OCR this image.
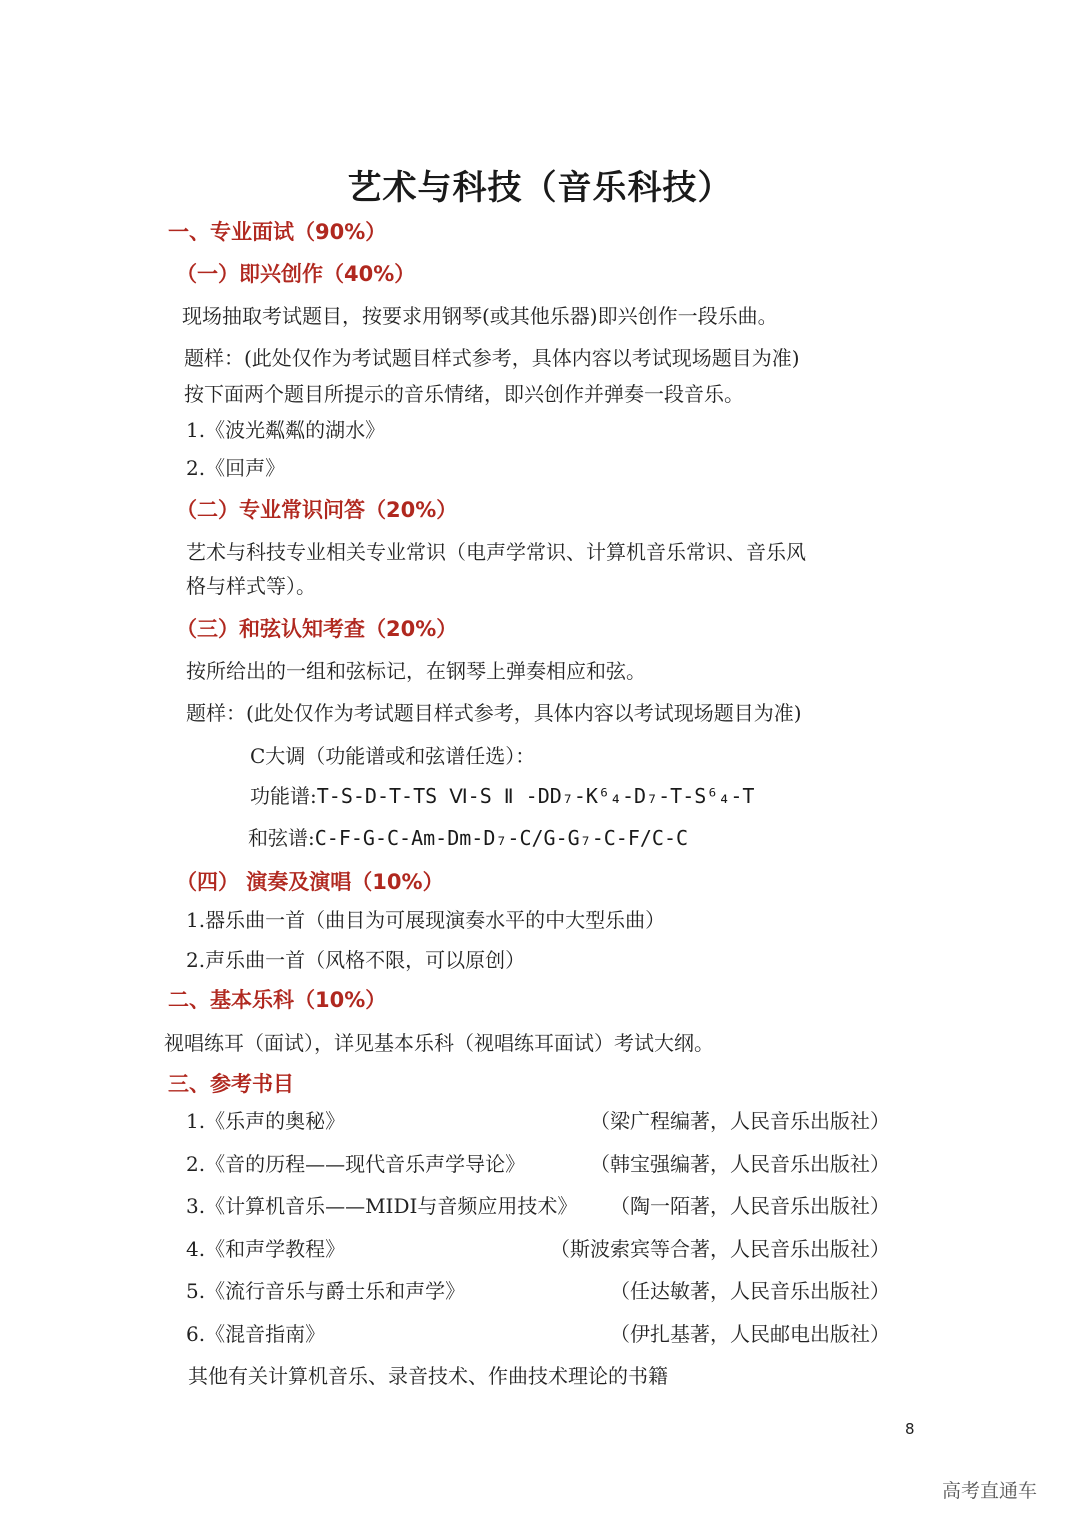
艺术与科技（音乐科技）
一、专业面试（90%）
（一）即兴创作（40%）
现场抽取考试题目，按要求用钢琴(或其他乐器)即兴创作一段乐曲。
题样：(此处仅作为考试题目样式参考，具体内容以考试现场题目为准)
按下面两个题目所提示的音乐情绪，即兴创作并弹奏一段音乐。
1.《波光粼粼的湖水》
2.《回声》
（二）专业常识问答（20%）
艺术与科技专业相关专业常识（电声学常识、计算机音乐常识、音乐风
格与样式等）。
（三）和弦认知考查（20%）
按所给出的一组和弦标记，在钢琴上弹奏相应和弦。
题样：(此处仅作为考试题目样式参考，具体内容以考试现场题目为准)
C大调（功能谱或和弦谱任选）：
功能谱:T-S-D-T-TS Ⅵ-S Ⅱ -DD₇-K⁶₄-D₇-T-S⁶₄-T
和弦谱:C-F-G-C-Am-Dm-D₇-C/G-G₇-C-F/C-C
（四） 演奏及演唱（10%）
1.器乐曲一首（曲目为可展现演奏水平的中大型乐曲）
2.声乐曲一首（风格不限，可以原创）
二、基本乐科（10%）
视唱练耳（面试），详见基本乐科（视唱练耳面试）考试大纲。
三、参考书目
1.《乐声的奥秘》	（梁广程编著，人民音乐出版社）
2.《音的历程——现代音乐声学导论》	（韩宝强编著，人民音乐出版社）
3.《计算机音乐——MIDI与音频应用技术》 （陶一陌著，人民音乐出版社）
4.《和声学教程》	（斯波索宾等合著，人民音乐出版社）
5.《流行音乐与爵士乐和声学》	（任达敏著，人民音乐出版社）
6.《混音指南》	（伊扎基著，人民邮电出版社）
其他有关计算机音乐、录音技术、作曲技术理论的书籍
8
高考直通车
